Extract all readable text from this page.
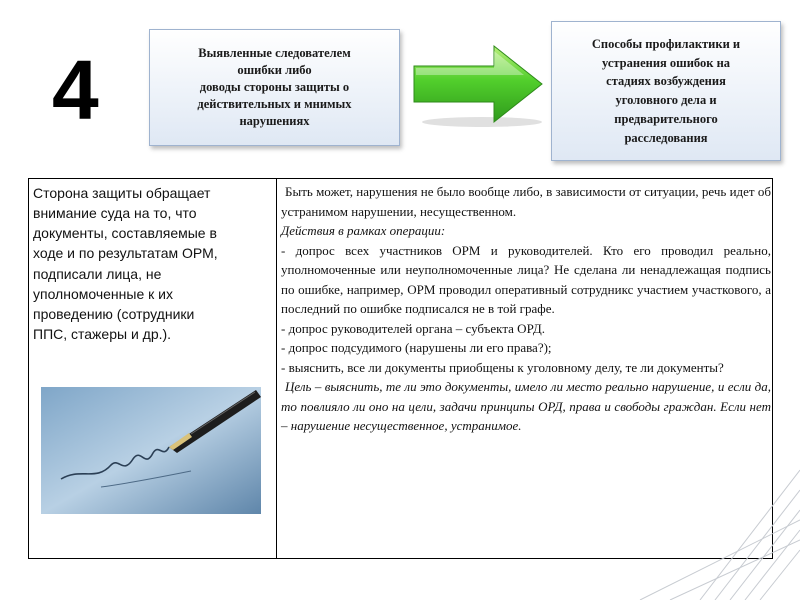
4	Выявленные следователем
ошибки либо
доводы стороны защиты о
действительных и мнимых
нарушениях
Способы профилактики и
устранения ошибок на
стадиях возбуждения
уголовного дела и
предварительного
расследования
Сторона защиты обращает
внимание суда на то, что
документы, составляемые в
ходе и по результатам ОРМ,
подписали лица, не
уполномоченные к их
проведению (сотрудники
ППС, стажеры и др.).

Быть может, нарушения не было вообще либо, в зависимости от ситуации, речь идет об устранимом нарушении, несущественном.

Действия в рамках операции:

- допрос всех участников ОРМ и руководителей. Кто его проводил реально, уполномоченные или неуполномоченные лица? Не сделана ли ненадлежащая подпись по ошибке, например, ОРМ проводил оперативный сотрудникс участием участкового, а последний по ошибке подписался не в той графе.

- допрос руководителей органа – субъекта ОРД.

- допрос подсудимого (нарушены ли его права?);

- выяснить, все ли документы приобщены к уголовному делу, те ли документы?

Цель – выяснить, те ли это документы, имело ли место реально нарушение, и если да, то повлияло ли оно на цели, задачи принципы ОРД, права и свободы граждан. Если нет – нарушение несущественное, устранимое.
